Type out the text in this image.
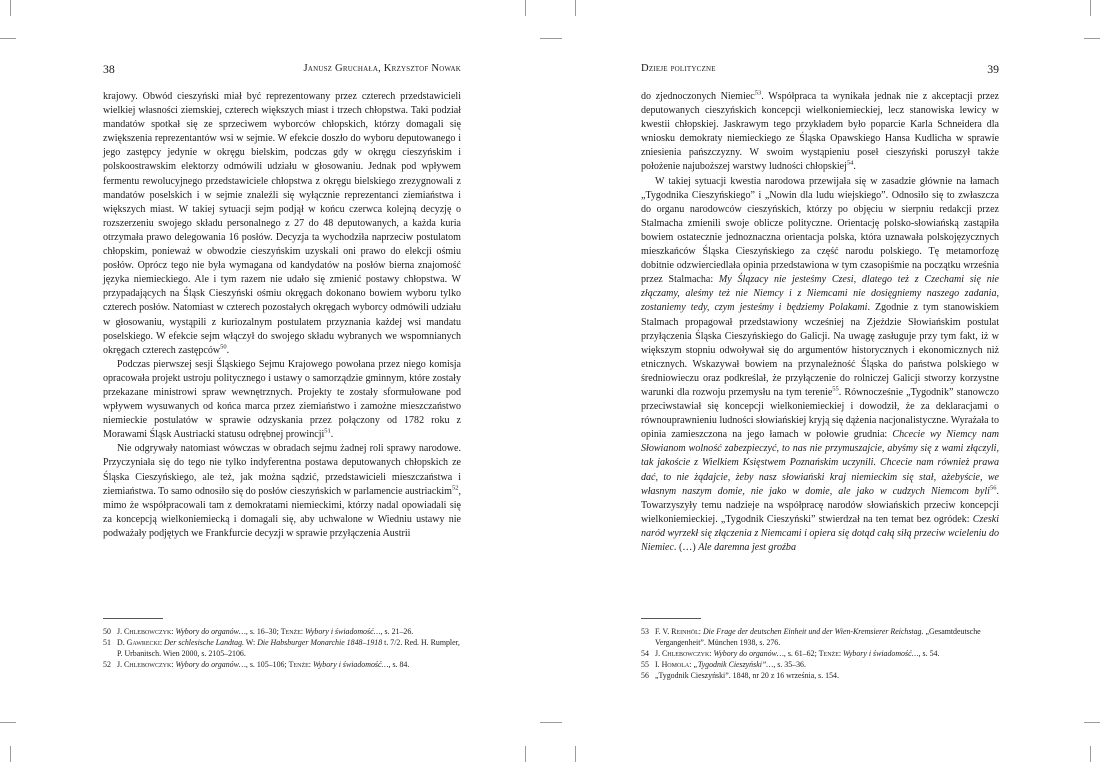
38	Janusz Gruchała, Krzysztof Nowak

krajowy. Obwód cieszyński miał być reprezentowany przez czterech przedstawicieli wielkiej własności ziemskiej, czterech większych miast i trzech chłopstwa. Taki podział mandatów spotkał się ze sprzeciwem wyborców chłopskich, którzy domagali się zwiększenia reprezentantów wsi w sejmie. W efekcie doszło do wyboru deputowanego i jego zastępcy jedynie w okręgu bielskim, podczas gdy w okręgu cieszyńskim i polskoostrawskim elektorzy odmówili udziału w głosowaniu. Jednak pod wpływem fermentu rewolucyjnego przedstawiciele chłopstwa z okręgu bielskiego zrezygnowali z mandatów poselskich i w sejmie znaleźli się wyłącznie reprezentanci ziemiaństwa i większych miast. W takiej sytuacji sejm podjął w końcu czerwca kolejną decyzję o rozszerzeniu swojego składu personalnego z 27 do 48 deputowanych, a każda kuria otrzymała prawo delegowania 16 posłów. Decyzja ta wychodziła naprzeciw postulatom chłopskim, ponieważ w obwodzie cieszyńskim uzyskali oni prawo do elekcji ośmiu posłów. Oprócz tego nie była wymagana od kandydatów na posłów bierna znajomość języka niemieckiego. Ale i tym razem nie udało się zmienić postawy chłopstwa. W przypadających na Śląsk Cieszyński ośmiu okręgach dokonano bowiem wyboru tylko czterech posłów. Natomiast w czterech pozostałych okręgach wyborcy odmówili udziału w głosowaniu, wystąpili z kuriozalnym postulatem przyznania każdej wsi mandatu poselskiego. W efekcie sejm włączył do swojego składu wybranych we wspomnianych okręgach czterech zastępców$^{50}$.

Podczas pierwszej sesji Śląskiego Sejmu Krajowego powołana przez niego komisja opracowała projekt ustroju politycznego i ustawy o samorządzie gminnym, które zostały przekazane ministrowi spraw wewnętrznych. Projekty te zostały sformułowane pod wpływem wysuwanych od końca marca przez ziemiaństwo i zamożne mieszczaństwo niemieckie postulatów w sprawie odzyskania przez połączony od 1782 roku z Morawami Śląsk Austriacki statusu odrębnej prowincji$^{51}$.

Nie odgrywały natomiast wówczas w obradach sejmu żadnej roli sprawy narodowe. Przyczyniała się do tego nie tylko indyferentna postawa deputowanych chłopskich ze Śląska Cieszyńskiego, ale też, jak można sądzić, przedstawicieli mieszczaństwa i ziemiaństwa. To samo odnosiło się do posłów cieszyńskich w parlamencie austriackim$^{52}$, mimo że współpracowali tam z demokratami niemieckimi, którzy nadal opowiadali się za koncepcją wielkoniemiecką i domagali się, aby uchwalone w Wiedniu ustawy nie podważały podjętych we Frankfurcie decyzji w sprawie przyłączenia Austrii

50 J. Chlebowczyk: Wybory do organów…, s. 16–30; Tenże: Wybory i świadomość…, s. 21–26.
51 D. Gawrecki: Der schlesische Landtag. W: Die Habsburger Monarchie 1848–1918 t. 7/2. Red. H. Rumpler, P. Urbanitsch. Wien 2000, s. 2105–2106.
52 J. Chlebowczyk: Wybory do organów…, s. 105–106; Tenże: Wybory i świadomość…, s. 84.
Dzieje polityczne	39

do zjednoczonych Niemiec$^{53}$. Współpraca ta wynikała jednak nie z akceptacji przez deputowanych cieszyńskich koncepcji wielkoniemieckiej, lecz stanowiska lewicy w kwestii chłopskiej. Jaskrawym tego przykładem było poparcie Karla Schneidera dla wniosku demokraty niemieckiego ze Śląska Opawskiego Hansa Kudlicha w sprawie zniesienia pańszczyzny. W swoim wystąpieniu poseł cieszyński poruszył także położenie najuboższej warstwy ludności chłopskiej$^{54}$.

W takiej sytuacji kwestia narodowa przewijała się w zasadzie głównie na łamach „Tygodnika Cieszyńskiego” i „Nowin dla ludu wiejskiego”. Odnosiło się to zwłaszcza do organu narodowców cieszyńskich, którzy po objęciu w sierpniu redakcji przez Stalmacha zmienili swoje oblicze polityczne. Orientację polsko-słowiańską zastąpiła bowiem ostatecznie jednoznaczna orientacja polska, która uznawała polskojęzycznych mieszkańców Śląska Cieszyńskiego za część narodu polskiego. Tę metamorfozę dobitnie odzwierciedlała opinia przedstawiona w tym czasopiśmie na początku września przez Stalmacha: My Ślązacy nie jesteśmy Czesi, dlatego też z Czechami się nie złączamy, aleśmy też nie Niemcy i z Niemcami nie dosięgniemy naszego zadania, zostaniemy tedy, czym jesteśmy i będziemy Polakami. Zgodnie z tym stanowiskiem Stalmach propagował przedstawiony wcześniej na Zjeździe Słowiańskim postulat przyłączenia Śląska Cieszyńskiego do Galicji. Na uwagę zasługuje przy tym fakt, iż w większym stopniu odwoływał się do argumentów historycznych i ekonomicznych niż etnicznych. Wskazywał bowiem na przynależność Śląska do państwa polskiego w średniowieczu oraz podkreślał, że przyłączenie do rolniczej Galicji stworzy korzystne warunki dla rozwoju przemysłu na tym terenie$^{55}$. Równocześnie „Tygodnik” stanowczo przeciwstawiał się koncepcji wielkoniemieckiej i dowodził, że za deklaracjami o równouprawnieniu ludności słowiańskiej kryją się dążenia nacjonalistyczne. Wyrażała to opinia zamieszczona na jego łamach w połowie grudnia: Chcecie wy Niemcy nam Słowianom wolność zabezpieczyć, to nas nie przymuszajcie, abyśmy się z wami złączyli, tak jakoście z Wielkiem Księstwem Poznańskim uczynili. Chcecie nam również prawa dać, to nie żądajcie, żeby nasz słowiański kraj niemieckim się stał, ażebyście, we własnym naszym domie, nie jako w domie, ale jako w cudzych Niemcom byli$^{56}$. Towarzyszyły temu nadzieje na współpracę narodów słowiańskich przeciw koncepcji wielkoniemieckiej. „Tygodnik Cieszyński” stwierdzał na ten temat bez ogródek: Czeski naród wyrzekł się złączenia z Niemcami i opiera się dotąd całą siłą przeciw wcieleniu do Niemiec. (…) Ale daremna jest groźba

53 F. V. Reinhöl: Die Frage der deutschen Einheit und der Wien-Kremsierer Reichstag. „Gesamtdeutsche Vergangenheit”. München 1938, s. 276.
54 J. Chlebowczyk: Wybory do organów…, s. 61–62; Tenże: Wybory i świadomość…, s. 54.
55 I. Homola: „Tygodnik Cieszyński”…, s. 35–36.
56 „Tygodnik Cieszyński”. 1848, nr 20 z 16 września, s. 154.
